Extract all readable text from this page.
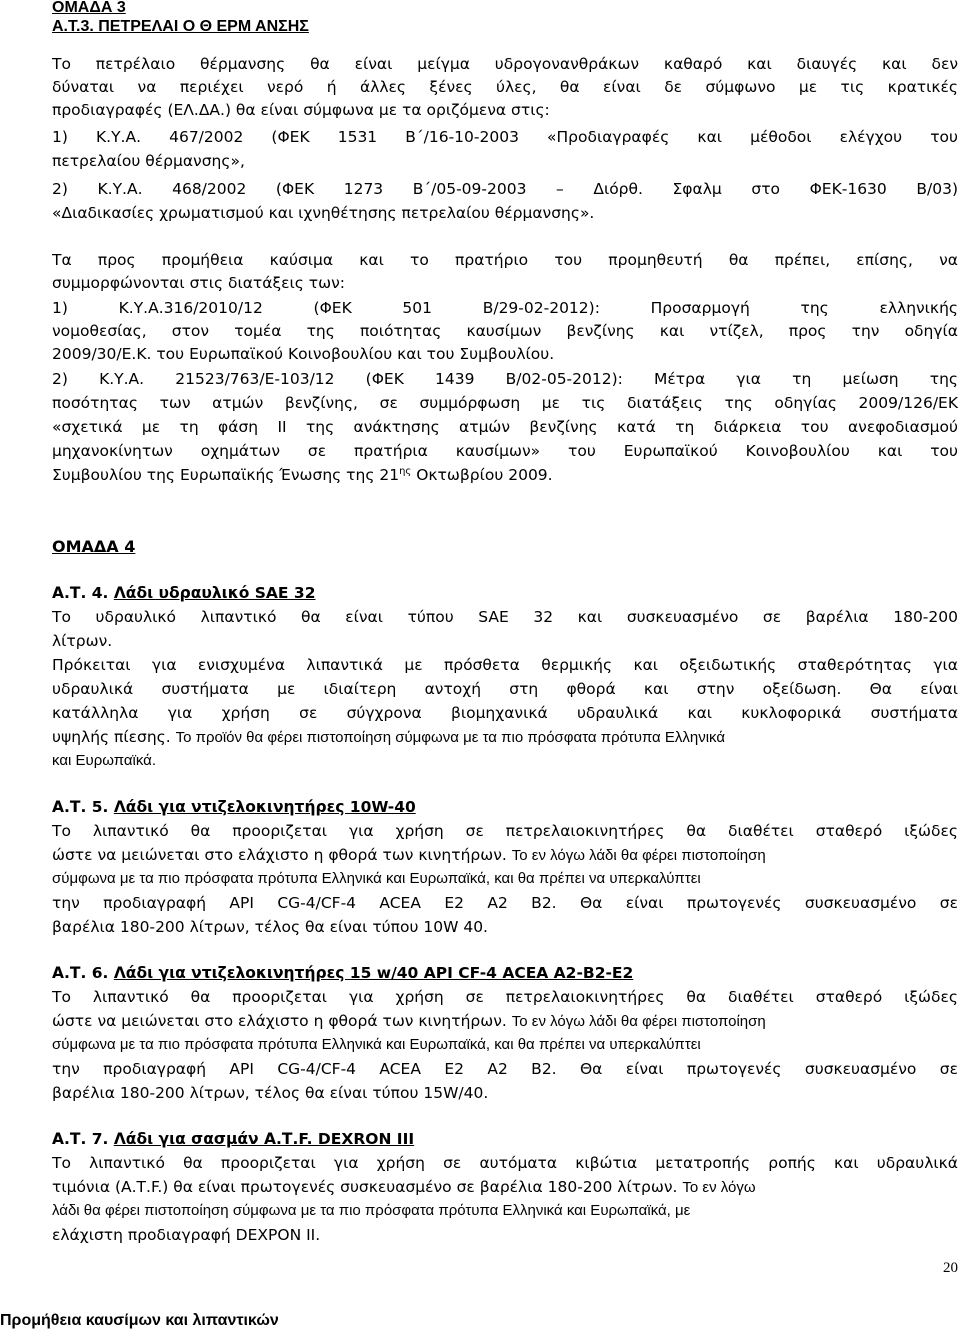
ΟΜΑΔΑ 3
Α.Τ.3. ΠΕΤΡΕΛΑΙ Ο Θ ΕΡΜ ΑΝΣΗΣ
Το πετρέλαιο θέρμανσης θα είναι μείγμα υδρογονανθράκων καθαρό και διαυγές και δεν
δύναται να περιέχει νερό ή άλλες ξένες ύλες, θα είναι δε σύμφωνο με τις κρατικές
προδιαγραφές (ΕΛ.ΔΑ.) θα είναι σύμφωνα με τα οριζόμενα στις:
1) Κ.Υ.Α. 467/2002 (ΦΕΚ 1531 Β΄/16-10-2003 «Προδιαγραφές και μέθοδοι ελέγχου του
πετρελαίου θέρμανσης»,
2) Κ.Υ.Α. 468/2002 (ΦΕΚ 1273 Β΄/05-09-2003 – Διόρθ. Σφαλμ στο ΦΕΚ-1630 Β/03)
«Διαδικασίες χρωματισμού και ιχνηθέτησης πετρελαίου θέρμανσης».
Τα προς προμήθεια καύσιμα και το πρατήριο του προμηθευτή θα πρέπει, επίσης, να
συμμορφώνονται στις διατάξεις των:
1) Κ.Υ.Α.316/2010/12 (ΦΕΚ 501 Β/29-02-2012): Προσαρμογή της ελληνικής
νομοθεσίας, στον τομέα της ποιότητας καυσίμων βενζίνης και ντίζελ, προς την οδηγία
2009/30/Ε.Κ. του Ευρωπαϊκού Κοινοβουλίου και του Συμβουλίου.
2) Κ.Υ.Α. 21523/763/Ε-103/12 (ΦΕΚ 1439 Β/02-05-2012): Μέτρα για τη μείωση της
ποσότητας των ατμών βενζίνης, σε συμμόρφωση με τις διατάξεις της οδηγίας 2009/126/ΕΚ
«σχετικά με τη φάση ΙΙ της ανάκτησης ατμών βενζίνης κατά τη διάρκεια του ανεφοδιασμού
μηχανοκίνητων οχημάτων σε πρατήρια καυσίμων» του Ευρωπαϊκού Κοινοβουλίου και του
Συμβουλίου της Ευρωπαϊκής Ένωσης της $21^{\eta\varsigma}$ Οκτωβρίου 2009.
ΟΜΑΔΑ 4
Α.Τ. 4. Λάδι υδραυλικό SAE 32
Το υδραυλικό λιπαντικό θα είναι τύπου SAE 32 και συσκευασμένο σε βαρέλια 180-200
λίτρων.
Πρόκειται για ενισχυμένα λιπαντικά με πρόσθετα θερμικής και οξειδωτικής σταθερότητας για
υδραυλικά συστήματα με ιδιαίτερη αντοχή στη φθορά και στην οξείδωση. Θα είναι
κατάλληλα για χρήση σε σύγχρονα βιομηχανικά υδραυλικά και κυκλοφορικά συστήματα
υψηλής πίεσης. Το προϊόν θα φέρει πιστοποίηση σύμφωνα με τα πιο πρόσφατα πρότυπα Ελληνικά
και Ευρωπαϊκά.
Α.Τ. 5. Λάδι για ντιζελοκινητήρες 10W-40
Το λιπαντικό θα προοριζεται για χρήση σε πετρελαιοκινητήρες θα διαθέτει σταθερό ιξώδες
ώστε να μειώνεται στο ελάχιστο η φθορά των κινητήρων. Το εν λόγω λάδι θα φέρει πιστοποίηση
σύμφωνα με τα πιο πρόσφατα πρότυπα Ελληνικά και Ευρωπαϊκά, και θα πρέπει να υπερκαλύπτει
την προδιαγραφή API CG-4/CF-4 ACEA E2 A2 B2. Θα είναι πρωτογενές συσκευασμένο σε
βαρέλια 180-200 λίτρων, τέλος θα είναι τύπου 10W 40.
Α.Τ. 6. Λάδι για ντιζελοκινητήρες 15 w/40 API CF-4 ACEA A2-B2-E2
Το λιπαντικό θα προοριζεται για χρήση σε πετρελαιοκινητήρες θα διαθέτει σταθερό ιξώδες
ώστε να μειώνεται στο ελάχιστο η φθορά των κινητήρων. Το εν λόγω λάδι θα φέρει πιστοποίηση
σύμφωνα με τα πιο πρόσφατα πρότυπα Ελληνικά και Ευρωπαϊκά, και θα πρέπει να υπερκαλύπτει
την προδιαγραφή API CG-4/CF-4 ACEA E2 A2 B2. Θα είναι πρωτογενές συσκευασμένο σε
βαρέλια 180-200 λίτρων, τέλος θα είναι τύπου 15W/40.
Α.Τ. 7. Λάδι για σασμάν Α.Τ.F. DEXRON III
Το λιπαντικό θα προοριζεται για χρήση σε αυτόματα κιβώτια μετατροπής ροπής και υδραυλικά
τιμόνια (Α.Τ.F.) θα είναι πρωτογενές συσκευασμένο σε βαρέλια 180-200 λίτρων. Το εν λόγω
λάδι θα φέρει πιστοποίηση σύμφωνα με τα πιο πρόσφατα πρότυπα Ελληνικά και Ευρωπαϊκά, με
ελάχιστη προδιαγραφή DEXPON II.
20
Προμήθεια καυσίμων και λιπαντικών
